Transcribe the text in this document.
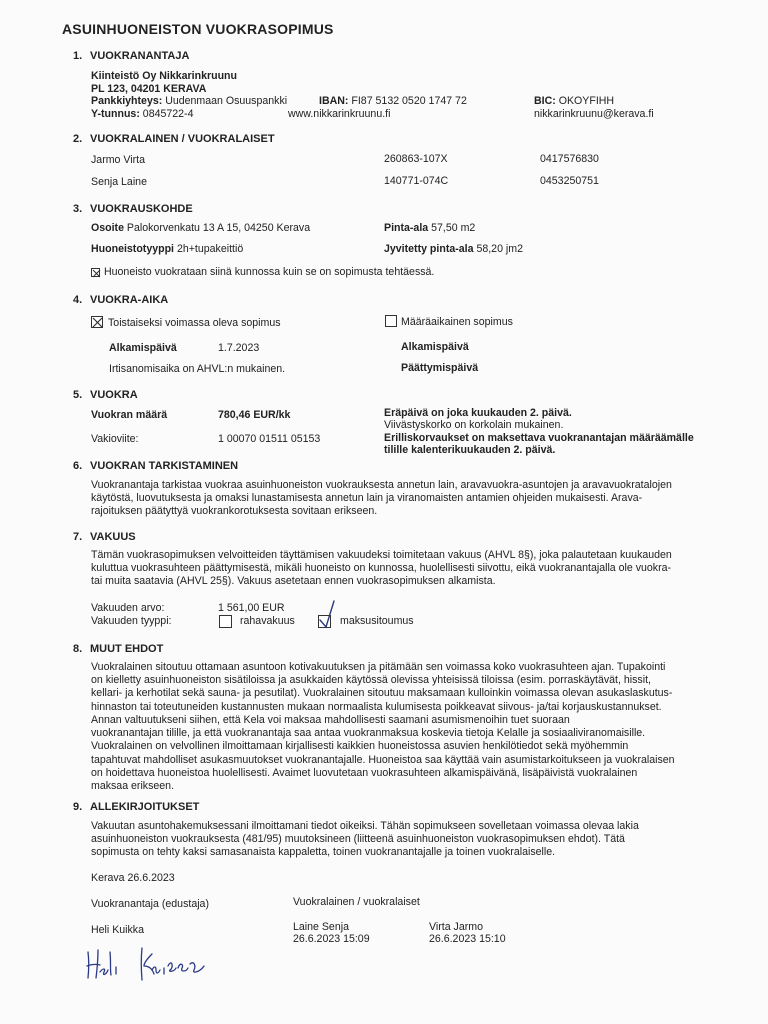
ASUINHUONEISTON VUOKRASOPIMUS
1. VUOKRANANTAJA
Kiinteistö Oy Nikkarinkruunu
PL 123, 04201 KERAVA
Pankkiyhteys: Uudenmaan Osuuspankki	IBAN: FI87 5132 0520 1747 72	BIC: OKOYFIHH
Y-tunnus: 0845722-4	www.nikkarinkruunu.fi	nikkarinkruunu@kerava.fi
2. VUOKRALAINEN / VUOKRALAISET
Jarmo Virta	260863-107X	0417576830
Senja Laine	140771-074C	0453250751
3. VUOKRAUSKOHDE
Osoite Palokorvenkatu 13 A 15, 04250 Kerava	Pinta-ala 57,50 m2
Huoneistotyyppi 2h+tupakeittiö	Jyvitetty pinta-ala 58,20 jm2
Huoneisto vuokrataan siinä kunnossa kuin se on sopimusta tehtäessä.
4. VUOKRA-AIKA
Toistaiseksi voimassa oleva sopimus	Määräaikainen sopimus
Alkamispäivä	1.7.2023	Alkamispäivä
Irtisanomisaika on AHVL:n mukainen.	Päättymispäivä
5. VUOKRA
Vuokran määrä	780,46 EUR/kk	Eräpäivä on joka kuukauden 2. päivä.
Viivästyskorko on korkolain mukainen.
Vakioviite:	1 00070 01511 05153	Erilliskorvaukset on maksettava vuokranantajan määräämälle
tilille kalenterikuukauden 2. päivä.
6. VUOKRAN TARKISTAMINEN
Vuokranantaja tarkistaa vuokraa asuinhuoneiston vuokrauksesta annetun lain, aravavuokra-asuntojen ja aravavuokratalojen
käytöstä, luovutuksesta ja omaksi lunastamisesta annetun lain ja viranomaisten antamien ohjeiden mukaisesti. Arava-
rajoituksen päätyttyä vuokrankorotuksesta sovitaan erikseen.
7. VAKUUS
Tämän vuokrasopimuksen velvoitteiden täyttämisen vakuudeksi toimitetaan vakuus (AHVL 8§), joka palautetaan kuukauden
kuluttua vuokrasuhteen päättymisestä, mikäli huoneisto on kunnossa, huolellisesti siivottu, eikä vuokranantajalla ole vuokra-
tai muita saatavia (AHVL 25§). Vakuus asetetaan ennen vuokrasopimuksen alkamista.
Vakuuden arvo:	1 561,00 EUR
Vakuuden tyyppi:	rahavakuus	maksusitoumus
8. MUUT EHDOT
Vuokralainen sitoutuu ottamaan asuntoon kotivakuutuksen ja pitämään sen voimassa koko vuokrasuhteen ajan. Tupakointi
on kielletty asuinhuoneiston sisätiloissa ja asukkaiden käytössä olevissa yhteisissä tiloissa (esim. porraskäytävät, hissit,
kellari- ja kerhotilat sekä sauna- ja pesutilat). Vuokralainen sitoutuu maksamaan kulloinkin voimassa olevan asukaslaskutus-
hinnaston tai toteutuneiden kustannusten mukaan normaalista kulumisesta poikkeavat siivous- ja/tai korjauskustannukset.
Annan valtuutukseni siihen, että Kela voi maksaa mahdollisesti saamani asumismenoihin tuet suoraan
vuokranantajan tilille, ja että vuokranantaja saa antaa vuokranmaksua koskevia tietoja Kelalle ja sosiaaliviranomaisille.
Vuokralainen on velvollinen ilmoittamaan kirjallisesti kaikkien huoneistossa asuvien henkilötiedot sekä myöhemmin
tapahtuvat mahdolliset asukasmuutokset vuokranantajalle. Huoneistoa saa käyttää vain asumistarkoitukseen ja vuokralaisen
on hoidettava huoneistoa huolellisesti. Avaimet luovutetaan vuokrasuhteen alkamispäivänä, lisäpäivistä vuokralainen
maksaa erikseen.
9. ALLEKIRJOITUKSET
Vakuutan asuntohakemuksessani ilmoittamani tiedot oikeiksi. Tähän sopimukseen sovelletaan voimassa olevaa lakia
asuinhuoneiston vuokrauksesta (481/95) muutoksineen (liitteenä asuinhuoneiston vuokrasopimuksen ehdot). Tätä
sopimusta on tehty kaksi samasanaista kappaletta, toinen vuokranantajalle ja toinen vuokralaiselle.
Kerava 26.6.2023
Vuokranantaja (edustaja)	Vuokralainen / vuokralaiset
Heli Kuikka	Laine Senja
26.6.2023 15:09
Virta Jarmo
26.6.2023 15:10
